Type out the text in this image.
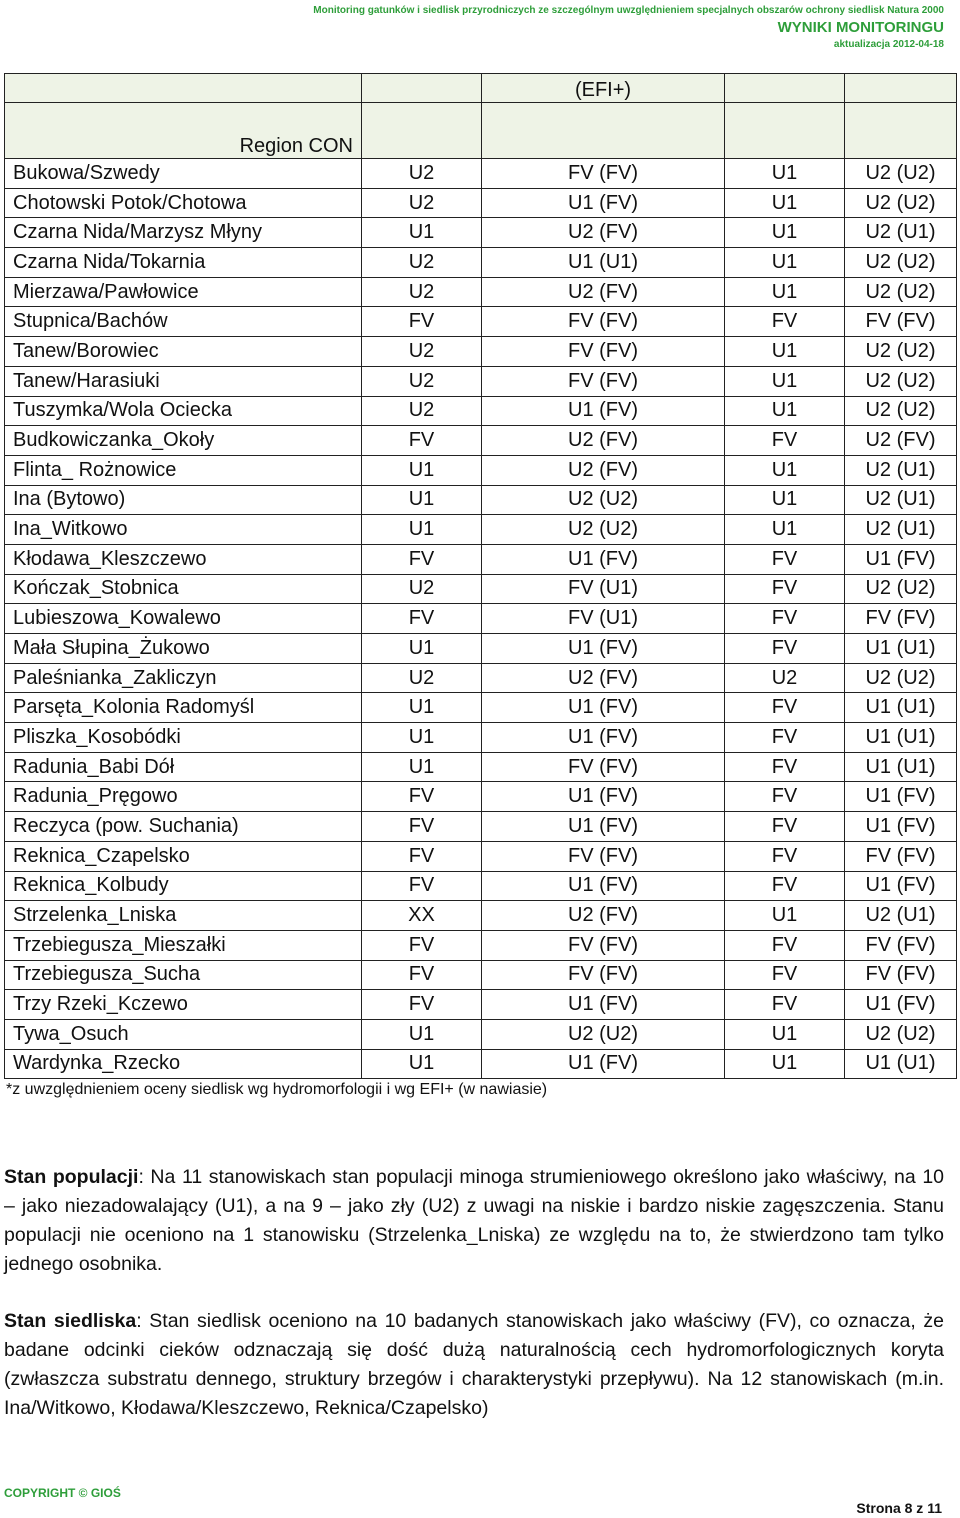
Monitoring gatunków i siedlisk przyrodniczych ze szczególnym uwzględnieniem specjalnych obszarów ochrony siedlisk Natura 2000
WYNIKI MONITORINGU
aktualizacja 2012-04-18
		(EFI+)		
Region CON				
Bukowa/Szwedy	U2	FV (FV)	U1	U2 (U2)
Chotowski Potok/Chotowa	U2	U1 (FV)	U1	U2 (U2)
Czarna Nida/Marzysz Młyny	U1	U2 (FV)	U1	U2 (U1)
Czarna Nida/Tokarnia	U2	U1 (U1)	U1	U2 (U2)
Mierzawa/Pawłowice	U2	U2 (FV)	U1	U2 (U2)
Stupnica/Bachów	FV	FV (FV)	FV	FV (FV)
Tanew/Borowiec	U2	FV (FV)	U1	U2 (U2)
Tanew/Harasiuki	U2	FV (FV)	U1	U2 (U2)
Tuszymka/Wola Ociecka	U2	U1 (FV)	U1	U2 (U2)
Budkowiczanka_Okoły	FV	U2 (FV)	FV	U2 (FV)
Flinta_ Rożnowice	U1	U2 (FV)	U1	U2 (U1)
Ina (Bytowo)	U1	U2 (U2)	U1	U2 (U1)
Ina_Witkowo	U1	U2 (U2)	U1	U2 (U1)
Kłodawa_Kleszczewo	FV	U1 (FV)	FV	U1 (FV)
Kończak_Stobnica	U2	FV (U1)	FV	U2 (U2)
Lubieszowa_Kowalewo	FV	FV (U1)	FV	FV (FV)
Mała Słupina_Żukowo	U1	U1 (FV)	FV	U1 (U1)
Paleśnianka_Zakliczyn	U2	U2 (FV)	U2	U2 (U2)
Parsęta_Kolonia Radomyśl	U1	U1 (FV)	FV	U1 (U1)
Pliszka_Kosobódki	U1	U1 (FV)	FV	U1 (U1)
Radunia_Babi Dół	U1	FV (FV)	FV	U1 (U1)
Radunia_Pręgowo	FV	U1 (FV)	FV	U1 (FV)
Reczyca (pow. Suchania)	FV	U1 (FV)	FV	U1 (FV)
Reknica_Czapelsko	FV	FV (FV)	FV	FV (FV)
Reknica_Kolbudy	FV	U1 (FV)	FV	U1 (FV)
Strzelenka_Lniska	XX	U2 (FV)	U1	U2 (U1)
Trzebiegusza_Mieszałki	FV	FV (FV)	FV	FV (FV)
Trzebiegusza_Sucha	FV	FV (FV)	FV	FV (FV)
Trzy Rzeki_Kczewo	FV	U1 (FV)	FV	U1 (FV)
Tywa_Osuch	U1	U2 (U2)	U1	U2 (U2)
Wardynka_Rzecko	U1	U1 (FV)	U1	U1 (U1)
*z uwzględnieniem oceny siedlisk wg hydromorfologii i wg EFI+ (w nawiasie)
Stan populacji: Na 11 stanowiskach stan populacji minoga strumieniowego określono jako właściwy, na 10 – jako niezadowalający (U1), a na 9 – jako zły (U2) z uwagi na niskie i bardzo niskie zagęszczenia. Stanu populacji nie oceniono na 1 stanowisku (Strzelenka_Lniska) ze względu na to, że stwierdzono tam tylko jednego osobnika.
Stan siedliska: Stan siedlisk oceniono na 10 badanych stanowiskach jako właściwy (FV), co oznacza, że badane odcinki cieków odznaczają się dość dużą naturalnością cech hydromorfologicznych koryta (zwłaszcza substratu dennego, struktury brzegów i charakterystyki przepływu). Na 12 stanowiskach (m.in. Ina/Witkowo, Kłodawa/Kleszczewo, Reknica/Czapelsko)
COPYRIGHT © GIOŚ
Strona 8 z 11
